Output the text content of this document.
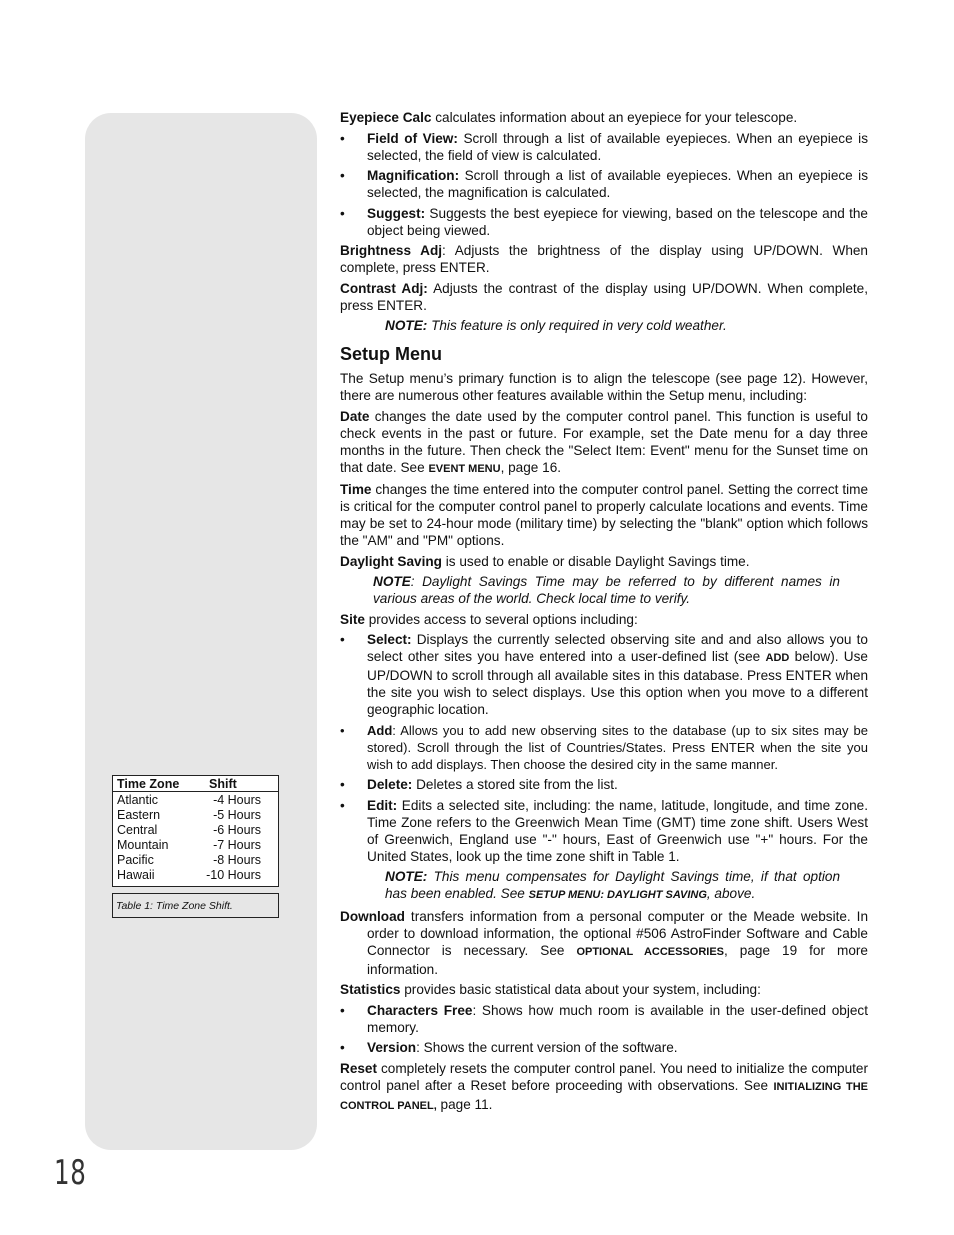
Time Zone	Shift
Atlantic	-4 Hours
Eastern	-5 Hours
Central	-6 Hours
Mountain	-7 Hours
Pacific	-8 Hours
Hawaii	-10 Hours
Table 1: Time Zone Shift.
18

Eyepiece Calc calculates information about an eyepiece for your telescope.

• Field of View: Scroll through a list of available eyepieces. When an eyepiece is selected, the field of view is calculated.
• Magnification: Scroll through a list of available eyepieces. When an eyepiece is selected, the magnification is calculated.
• Suggest: Suggests the best eyepiece for viewing, based on the telescope and the object being viewed.

Brightness Adj: Adjusts the brightness of the display using UP/DOWN. When complete, press ENTER.

Contrast Adj: Adjusts the contrast of the display using UP/DOWN. When complete, press ENTER.

NOTE: This feature is only required in very cold weather.

Setup Menu

The Setup menu’s primary function is to align the telescope (see page 12). However, there are numerous other features available within the Setup menu, including:

Date changes the date used by the computer control panel. This function is useful to check events in the past or future. For example, set the Date menu for a day three months in the future. Then check the "Select Item: Event" menu for the Sunset time on that date. See EVENT MENU, page 16.

Time changes the time entered into the computer control panel. Setting the correct time is critical for the computer control panel to properly calculate locations and events. Time may be set to 24-hour mode (military time) by selecting the "blank" option which follows the "AM" and "PM" options.

Daylight Saving is used to enable or disable Daylight Savings time.

NOTE: Daylight Savings Time may be referred to by different names in various areas of the world. Check local time to verify.

Site provides access to several options including:

• Select: Displays the currently selected observing site and and also allows you to select other sites you have entered into a user-defined list (see ADD below). Use UP/DOWN to scroll through all available sites in this database. Press ENTER when the site you wish to select displays. Use this option when you move to a different geographic location.
• Add: Allows you to add new observing sites to the database (up to six sites may be stored). Scroll through the list of Countries/States. Press ENTER when the site you wish to add displays. Then choose the desired city in the same manner.
• Delete: Deletes a stored site from the list.
• Edit: Edits a selected site, including: the name, latitude, longitude, and time zone. Time Zone refers to the Greenwich Mean Time (GMT) time zone shift. Users West of Greenwich, England use "-" hours, East of Greenwich use "+" hours. For the United States, look up the time zone shift in Table 1.

NOTE: This menu compensates for Daylight Savings time, if that option has been enabled. See SETUP MENU: DAYLIGHT SAVING, above.

Download transfers information from a personal computer or the Meade website. In order to download information, the optional #506 AstroFinder Software and Cable Connector is necessary. See OPTIONAL ACCESSORIES, page 19 for more information.

Statistics provides basic statistical data about your system, including:

• Characters Free: Shows how much room is available in the user-defined object memory.
• Version: Shows the current version of the software.

Reset completely resets the computer control panel. You need to initialize the computer control panel after a Reset before proceeding with observations. See INITIALIZING THE CONTROL PANEL, page 11.
